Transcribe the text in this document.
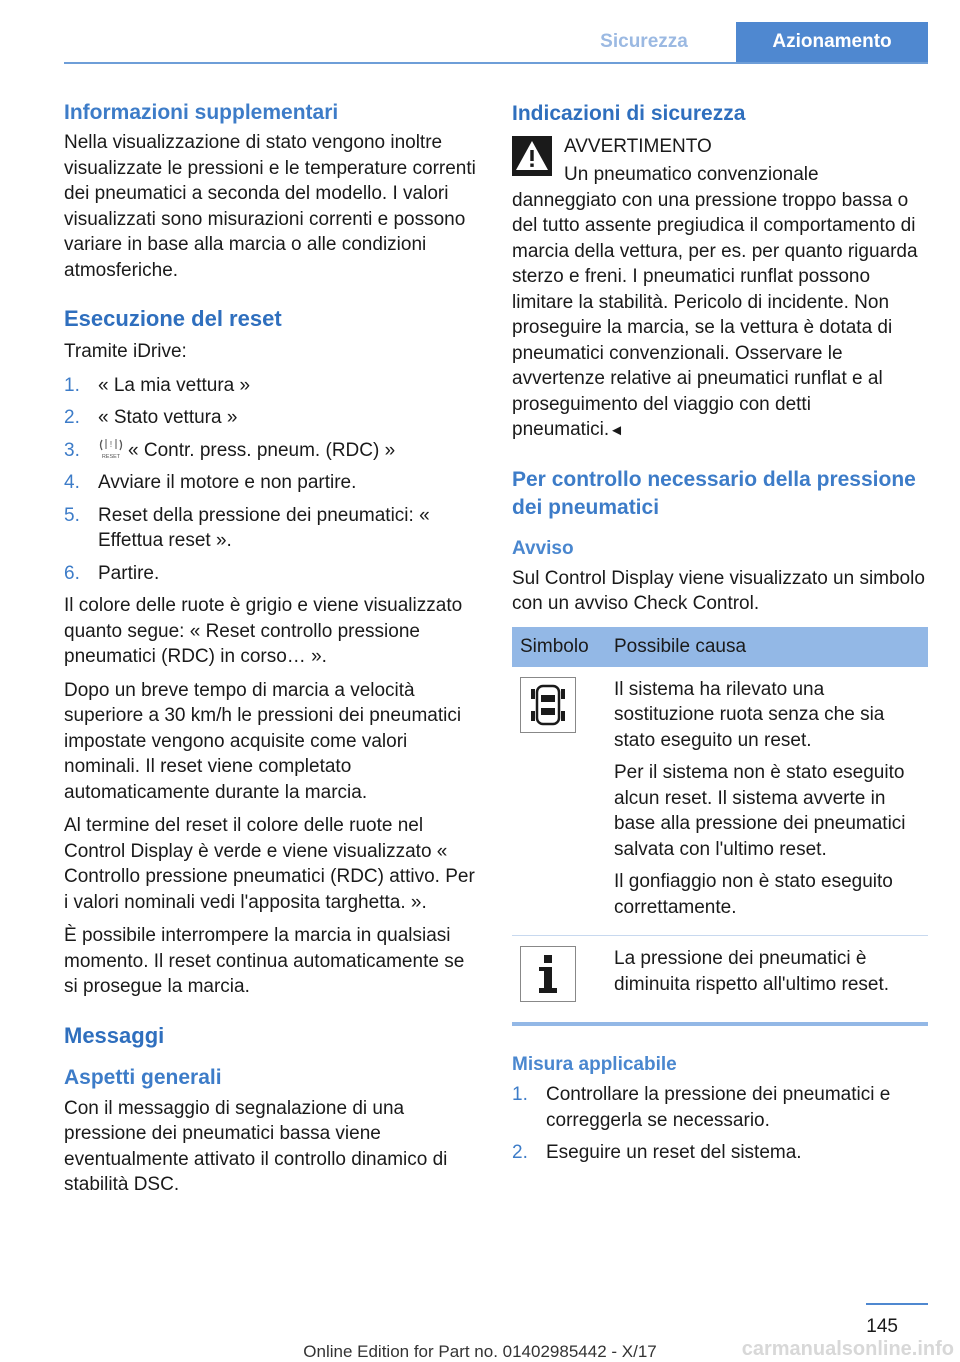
Sicurezza	Azionamento
Informazioni supplementari

Nella visualizzazione di stato vengono inoltre visualizzate le pressioni e le temperature correnti dei pneumatici a seconda del modello. I valori visualizzati sono misurazioni correnti e possono variare in base alla marcia o alle condizioni atmosferiche.

Esecuzione del reset

Tramite iDrive:

1. « La mia vettura »
2. « Stato vettura »
3.	!
RESET « Contr. press. pneum. (RDC) »
4. Avviare il motore e non partire.
5. Reset della pressione dei pneumatici: « Effettua reset ».
6. Partire.

Il colore delle ruote è grigio e viene visualizzato quanto segue: « Reset controllo pressione pneumatici (RDC) in corso… ».

Dopo un breve tempo di marcia a velocità superiore a 30 km/h le pressioni dei pneumatici impostate vengono acquisite come valori nominali. Il reset viene completato automaticamente durante la marcia.

Al termine del reset il colore delle ruote nel Control Display è verde e viene visualizzato « Controllo pressione pneumatici (RDC) attivo. Per i valori nominali vedi l'apposita targhetta. ».

È possibile interrompere la marcia in qualsiasi momento. Il reset continua automaticamente se si prosegue la marcia.

Messaggi
Aspetti generali

Con il messaggio di segnalazione di una pressione dei pneumatici bassa viene eventualmente attivato il controllo dinamico di stabilità DSC.

Indicazioni di sicurezza

AVVERTIMENTO

Un pneumatico convenzionale danneggiato con una pressione troppo bassa o del tutto assente pregiudica il comportamento di marcia della vettura, per es. per quanto riguarda sterzo e freni. I pneumatici runflat possono limitare la stabilità. Pericolo di incidente. Non proseguire la marcia, se la vettura è dotata di pneumatici convenzionali. Osservare le avvertenze relative ai pneumatici runflat e al proseguimento del viaggio con detti pneumatici.◄

Per controllo necessario della pressione dei pneumatici
Avviso

Sul Control Display viene visualizzato un simbolo con un avviso Check Control.

Simbolo	Possibile causa

Il sistema ha rilevato una sostituzione ruota senza che sia stato eseguito un reset.

Per il sistema non è stato eseguito alcun reset. Il sistema avverte in base alla pressione dei pneumatici salvata con l'ultimo reset.

Il gonfiaggio non è stato eseguito correttamente.

La pressione dei pneumatici è diminuita rispetto all'ultimo reset.

Misura applicabile
1. Controllare la pressione dei pneumatici e correggerla se necessario.
2. Eseguire un reset del sistema.
145
Online Edition for Part no. 01402985442 - X/17	carmanualsonline.info
